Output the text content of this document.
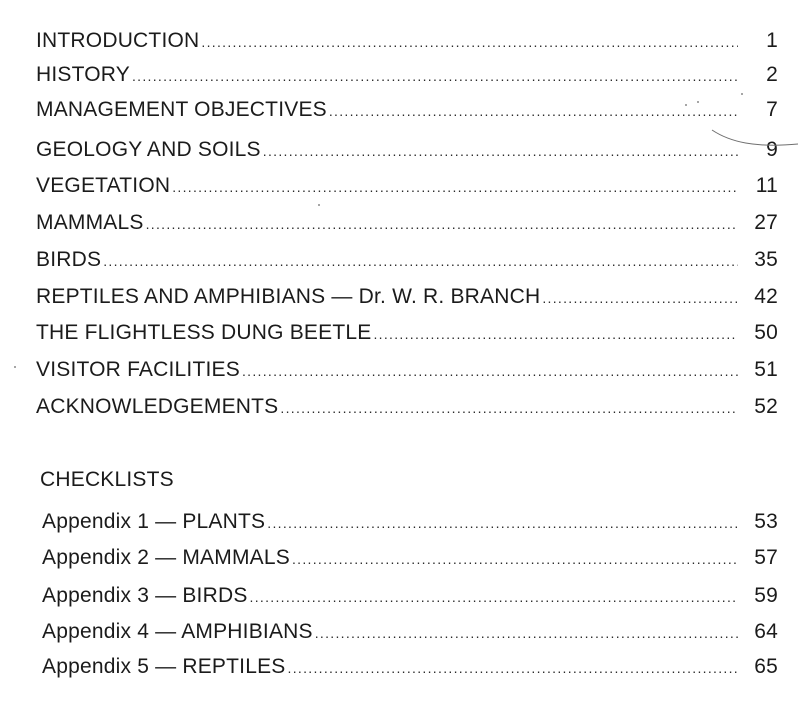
INTRODUCTION .....	1
HISTORY .....	2
MANAGEMENT OBJECTIVES .....	7
GEOLOGY AND SOILS .....	9
VEGETATION .....	11
MAMMALS .....	27
BIRDS .....	35
REPTILES AND AMPHIBIANS — Dr. W. R. BRANCH .....	42
THE FLIGHTLESS DUNG BEETLE .....	50
VISITOR FACILITIES .....	51
ACKNOWLEDGEMENTS .....	52
CHECKLISTS
Appendix 1 — PLANTS .....	53
Appendix 2 — MAMMALS .....	57
Appendix 3 — BIRDS .....	59
Appendix 4 — AMPHIBIANS .....	64
Appendix 5 — REPTILES .....	65
